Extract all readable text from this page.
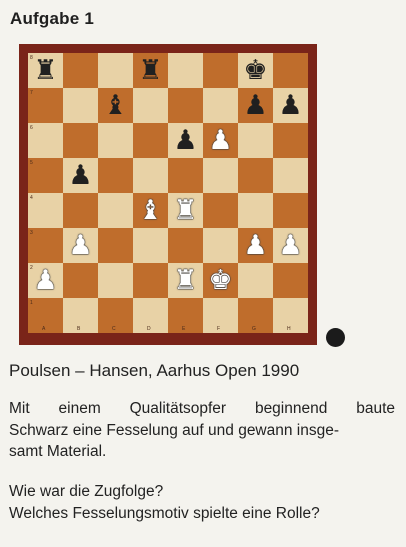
Aufgabe 1
8 ♜	♜	♚
7	♝	♟ ♟
6	♟ ♟
5 ♟
4	♝ ♜
3 ♟	♟ ♟
2 ♟	♜ ♚
1
A	B	C	D	E	F	G	H
Poulsen – Hansen, Aarhus Open 1990

Mit einem Qualitätsopfer beginnend baute

Schwarz eine Fesselung auf und gewann insge-

samt Material.

Wie war die Zugfolge?

Welches Fesselungsmotiv spielte eine Rolle?
